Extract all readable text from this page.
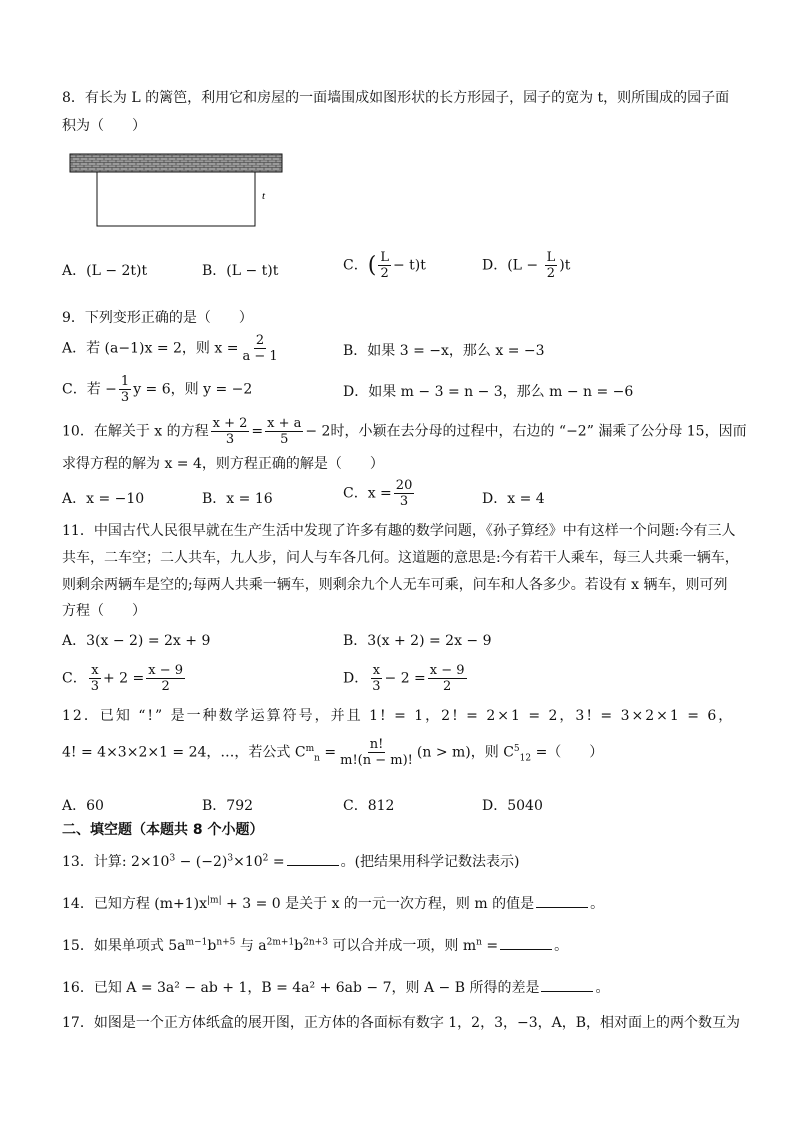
8．有长为 L 的篱笆，利用它和房屋的一面墙围成如图形状的长方形园子，园子的宽为 t，则所围成的园子面
积为（　　）
t
A．(L − 2t)t	B．(L − t)t	C．( $\frac{L}{2} - t)t$	D．$(L - \frac{L}{2} )t$
9．下列变形正确的是（　　）
A．若 (a−1)x = 2，则 $x = \frac{2}{a - 1}$	B．如果 3 = −x，那么 x = −3
C．若 − $\frac{1}{3}$ y = 6，则 y = −2	D．如果 m − 3 = n − 3，那么 m − n = −6
10．在解关于 x 的方程 $\frac{x + 2}{3} = \frac{x + a}{5} - 2$时，小颖在去分母的过程中，右边的 “−2” 漏乘了公分母 15，因而
求得方程的解为 x = 4，则方程正确的解是（　　）
A．x = −10	B．x = 16	C．$x = \frac{20}{3}$	D．x = 4
11．中国古代人民很早就在生产生活中发现了许多有趣的数学问题，《孙子算经》中有这样一个问题:今有三人
共车，二车空；二人共车，九人步，问人与车各几何。这道题的意思是:今有若干人乘车，每三人共乘一辆车，
则剩余两辆车是空的;每两人共乘一辆车，则剩余九个人无车可乘，问车和人各多少。若设有 x 辆车，则可列
方程（　　）
A．3(x − 2) = 2x + 9	B．3(x + 2) = 2x − 9
C． $\frac{x}{3} + 2 = \frac{x - 9}{2}$	D． $\frac{x}{3} - 2 = \frac{x - 9}{2}$
12．已知 “!” 是一种数学运算符号，并且 1! = 1，2! = 2×1 = 2，3! = 3×2×1 = 6，
4! = 4×3×2×1 = 24，…，若公式 $C^m_n = \frac{n!}{m!(n - m)!} (n > m)$，则 $C^5_{12}$ =（　　）
A．60	B．792	C．812	D．5040
二、填空题（本题共 8 个小题）
13．计算: $2\times 10^3 - (-2)^3\times 10^2$ =	。(把结果用科学记数法表示)
14．已知方程 $(m+1)x^{|m|} + 3 = 0$ 是关于 x 的一元一次方程，则 m 的值是	。
15．如果单项式 $5a^{m-1}b^{n+5}$ 与 $a^{2m+1}b^{2n+3}$ 可以合并成一项，则 $m^n$ =	。
16．已知 A = 3a² − ab + 1，B = 4a² + 6ab − 7，则 A − B 所得的差是	。
17．如图是一个正方体纸盒的展开图，正方体的各面标有数字 1，2，3，−3，A，B，相对面上的两个数互为
